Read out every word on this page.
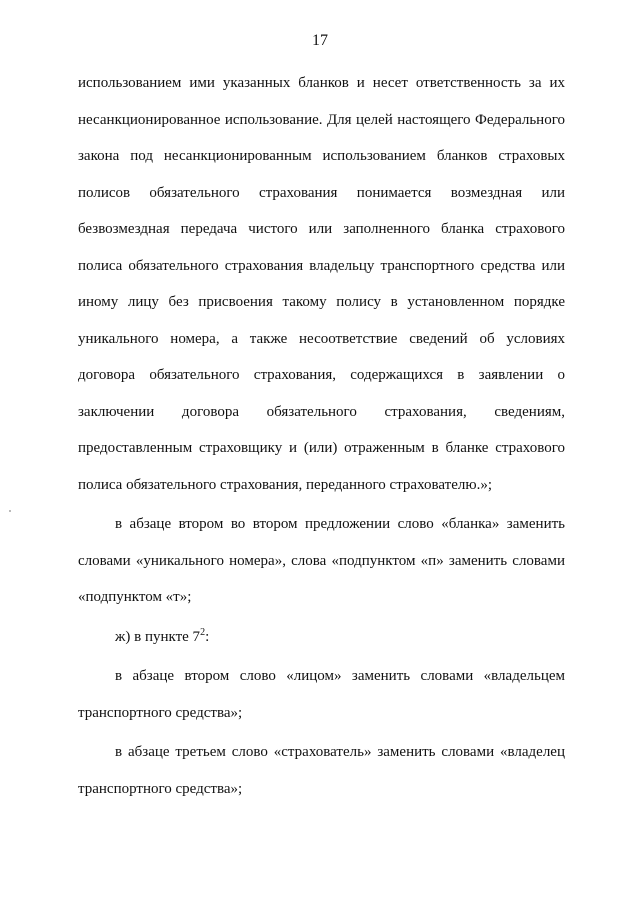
17
использованием ими указанных бланков и несет ответственность за их
несанкционированное использование. Для целей настоящего Федерального
закона под несанкционированным использованием бланков страховых
полисов обязательного страхования понимается возмездная или
безвозмездная передача чистого или заполненного бланка страхового
полиса обязательного страхования владельцу транспортного средства или
иному лицу без присвоения такому полису в установленном порядке
уникального номера, а также несоответствие сведений об условиях
договора обязательного страхования, содержащихся в заявлении о
заключении договора обязательного страхования, сведениям,
предоставленным страховщику и (или) отраженным в бланке страхового
полиса обязательного страхования, переданного страхователю.»;
в абзаце втором во втором предложении слово «бланка» заменить
словами «уникального номера», слова «подпунктом «п» заменить словами
«подпунктом «т»;
ж) в пункте $7^2$:
в абзаце втором слово «лицом» заменить словами «владельцем
транспортного средства»;
в абзаце третьем слово «страхователь» заменить словами «владелец
транспортного средства»;
